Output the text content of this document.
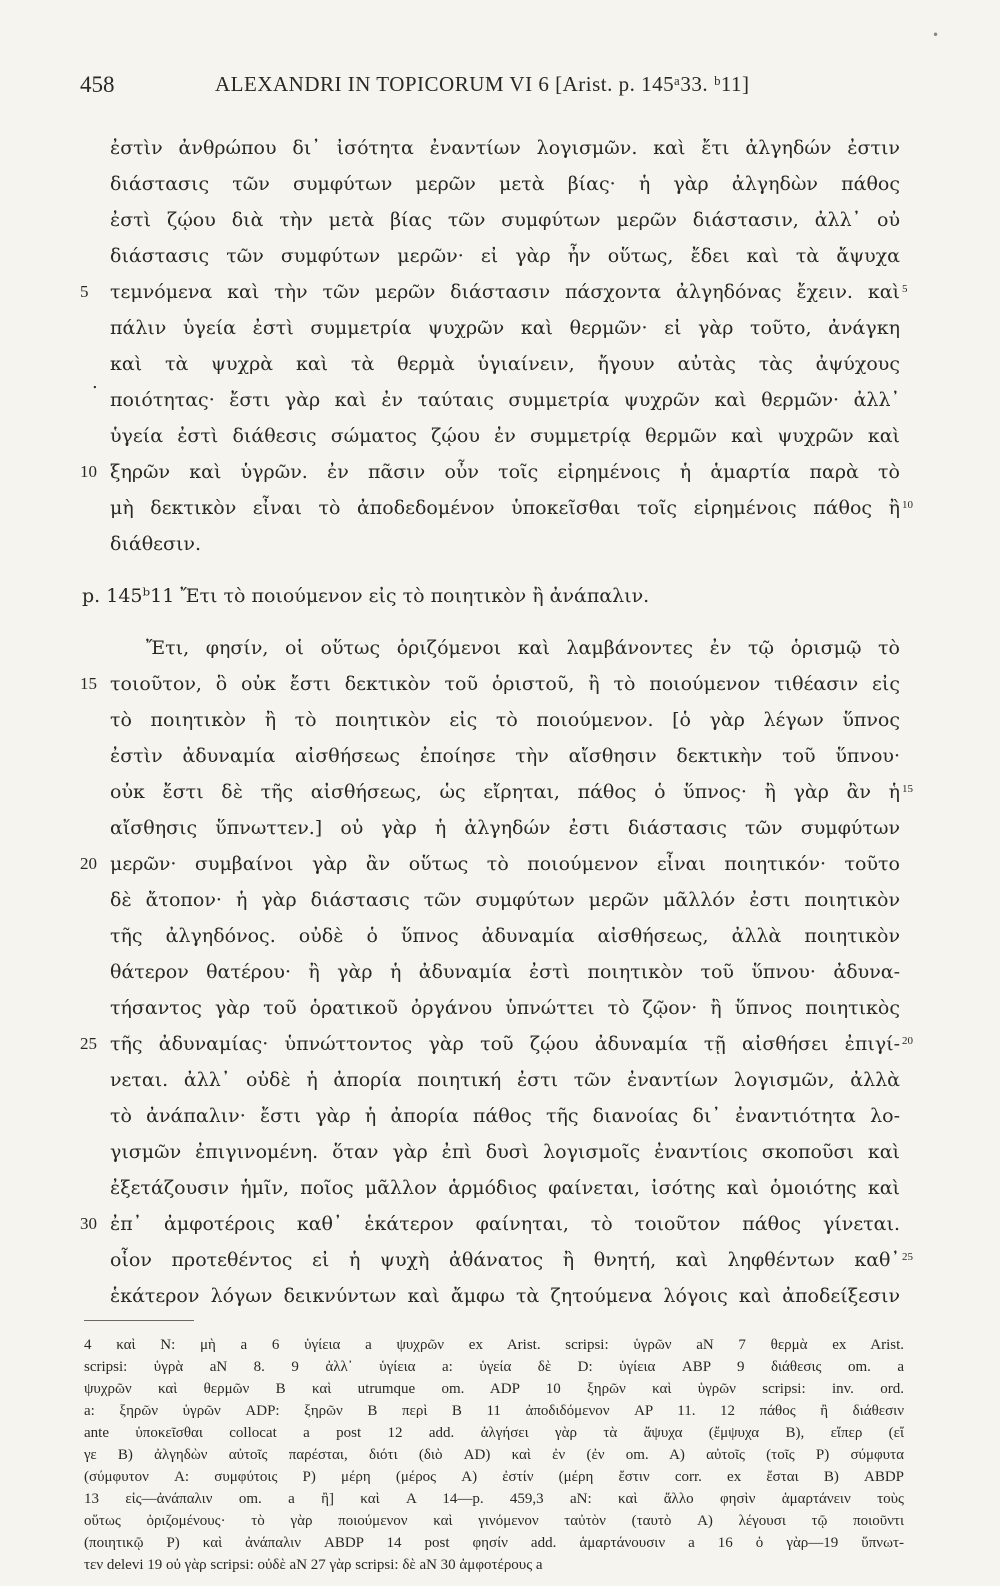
•
458	ALEXANDRI IN TOPICORUM VI 6 [Arist. p. 145ᵃ33. ᵇ11]
ἐστὶν ἀνθρώπου δι᾽ ἰσότητα ἐναντίων λογισμῶν. καὶ ἔτι ἀλγηδών ἐστιν
διάστασις τῶν συμφύτων μερῶν μετὰ βίας· ἡ γὰρ ἀλγηδὼν πάθος
ἐστὶ ζῴου διὰ τὴν μετὰ βίας τῶν συμφύτων μερῶν διάστασιν, ἀλλ᾽ οὐ
διάστασις τῶν συμφύτων μερῶν· εἰ γὰρ ἦν οὕτως, ἔδει καὶ τὰ ἄψυχα
τεμνόμενα καὶ τὴν τῶν μερῶν διάστασιν πάσχοντα ἀλγηδόνας ἔχειν. καὶ
πάλιν ὑγεία ἐστὶ συμμετρία ψυχρῶν καὶ θερμῶν· εἰ γὰρ τοῦτο, ἀνάγκη
καὶ τὰ ψυχρὰ καὶ τὰ θερμὰ ὑγιαίνειν, ἤγουν αὐτὰς τὰς ἀψύχους
ποιότητας· ἔστι γὰρ καὶ ἐν ταύταις συμμετρία ψυχρῶν καὶ θερμῶν· ἀλλ᾽
ὑγεία ἐστὶ διάθεσις σώματος ζῴου ἐν συμμετρίᾳ θερμῶν καὶ ψυχρῶν καὶ
ξηρῶν καὶ ὑγρῶν. ἐν πᾶσιν οὖν τοῖς εἰρημένοις ἡ ἁμαρτία παρὰ τὸ
μὴ δεκτικὸν εἶναι τὸ ἀποδεδομένον ὑποκεῖσθαι τοῖς εἰρημένοις πάθος ἢ
διάθεσιν.
p. 145ᵇ11 Ἔτι τὸ ποιούμενον εἰς τὸ ποιητικὸν ἢ ἀνάπαλιν.
Ἔτι, φησίν, οἱ οὕτως ὁριζόμενοι καὶ λαμβάνοντες ἐν τῷ ὁρισμῷ τὸ
τοιοῦτον, ὃ οὐκ ἔστι δεκτικὸν τοῦ ὁριστοῦ, ἢ τὸ ποιούμενον τιθέασιν εἰς
τὸ ποιητικὸν ἢ τὸ ποιητικὸν εἰς τὸ ποιούμενον. [ὁ γὰρ λέγων ὕπνος
ἐστὶν ἀδυναμία αἰσθήσεως ἐποίησε τὴν αἴσθησιν δεκτικὴν τοῦ ὕπνου·
οὐκ ἔστι δὲ τῆς αἰσθήσεως, ὡς εἴρηται, πάθος ὁ ὕπνος· ἢ γὰρ ἂν ἡ
αἴσθησις ὕπνωττεν.] οὐ γὰρ ἡ ἀλγηδών ἐστι διάστασις τῶν συμφύτων
μερῶν· συμβαίνοι γὰρ ἂν οὕτως τὸ ποιούμενον εἶναι ποιητικόν· τοῦτο
δὲ ἄτοπον· ἡ γὰρ διάστασις τῶν συμφύτων μερῶν μᾶλλόν ἐστι ποιητικὸν
τῆς ἀλγηδόνος. οὐδὲ ὁ ὕπνος ἀδυναμία αἰσθήσεως, ἀλλὰ ποιητικὸν
θάτερον θατέρου· ἢ γὰρ ἡ ἀδυναμία ἐστὶ ποιητικὸν τοῦ ὕπνου· ἀδυνα-
τήσαντος γὰρ τοῦ ὁρατικοῦ ὀργάνου ὑπνώττει τὸ ζῷον· ἢ ὕπνος ποιητικὸς
τῆς ἀδυναμίας· ὑπνώττοντος γὰρ τοῦ ζῴου ἀδυναμία τῇ αἰσθήσει ἐπιγί-
νεται. ἀλλ᾽ οὐδὲ ἡ ἀπορία ποιητική ἐστι τῶν ἐναντίων λογισμῶν, ἀλλὰ
τὸ ἀνάπαλιν· ἔστι γὰρ ἡ ἀπορία πάθος τῆς διανοίας δι᾽ ἐναντιότητα λο-
γισμῶν ἐπιγινομένη. ὅταν γὰρ ἐπὶ δυσὶ λογισμοῖς ἐναντίοις σκοποῦσι καὶ
ἐξετάζουσιν ἡμῖν, ποῖος μᾶλλον ἁρμόδιος φαίνεται, ἰσότης καὶ ὁμοιότης καὶ
ἐπ᾽ ἀμφοτέροις καθ᾽ ἑκάτερον φαίνηται, τὸ τοιοῦτον πάθος γίνεται.
οἷον προτεθέντος εἰ ἡ ψυχὴ ἀθάνατος ἢ θνητή, καὶ ληφθέντων καθ᾽
ἑκάτερον λόγων δεικνύντων καὶ ἄμφω τὰ ζητούμενα λόγοις καὶ ἀποδείξεσιν
5
10
15
20
25
30
5
10
15
20
25
.
4 καὶ N: μὴ a 6 ὑγίεια a ψυχρῶν ex Arist. scripsi: ὑγρῶν aN 7 θερμὰ ex Arist.
scripsi: ὑγρὰ aN 8. 9 ἀλλ᾽ ὑγίεια a: ὑγεία δὲ D: ὑγίεια ABP 9 διάθεσις om. a
ψυχρῶν καὶ θερμῶν B καὶ utrumque om. ADP 10 ξηρῶν καὶ ὑγρῶν scripsi: inv. ord.
a: ξηρῶν ὑγρῶν ADP: ξηρῶν B περὶ B 11 ἀποδιδόμενον AP 11. 12 πάθος ἢ διάθεσιν
ante ὑποκεῖσθαι collocat a post 12 add. ἀλγήσει γὰρ τὰ ἄψυχα (ἔμψυχα B), εἴπερ (εἴ
γε B) ἀλγηδὼν αὐτοῖς παρέσται, διότι (διὸ AD) καὶ ἐν (ἐν om. A) αὐτοῖς (τοῖς P) σύμφυτα
(σύμφυτον A: συμφύτοις P) μέρη (μέρος A) ἐστίν (μέρη ἔστιν corr. ex ἔσται B) ABDP
13 εἰς—ἀνάπαλιν om. a ἢ] καὶ A 14—p. 459,3 aN: καὶ ἄλλο φησὶν ἁμαρτάνειν τοὺς
οὕτως ὁριζομένους· τὸ γὰρ ποιούμενον καὶ γινόμενον ταὐτὸν (ταυτὸ A) λέγουσι τῷ ποιοῦντι
(ποιητικῷ P) καὶ ἀνάπαλιν ABDP 14 post φησίν add. ἁμαρτάνουσιν a 16 ὁ γὰρ—19 ὕπνωτ-
τεν delevi 19 οὐ γὰρ scripsi: οὐδὲ aN 27 γὰρ scripsi: δὲ aN 30 ἀμφοτέρους a
